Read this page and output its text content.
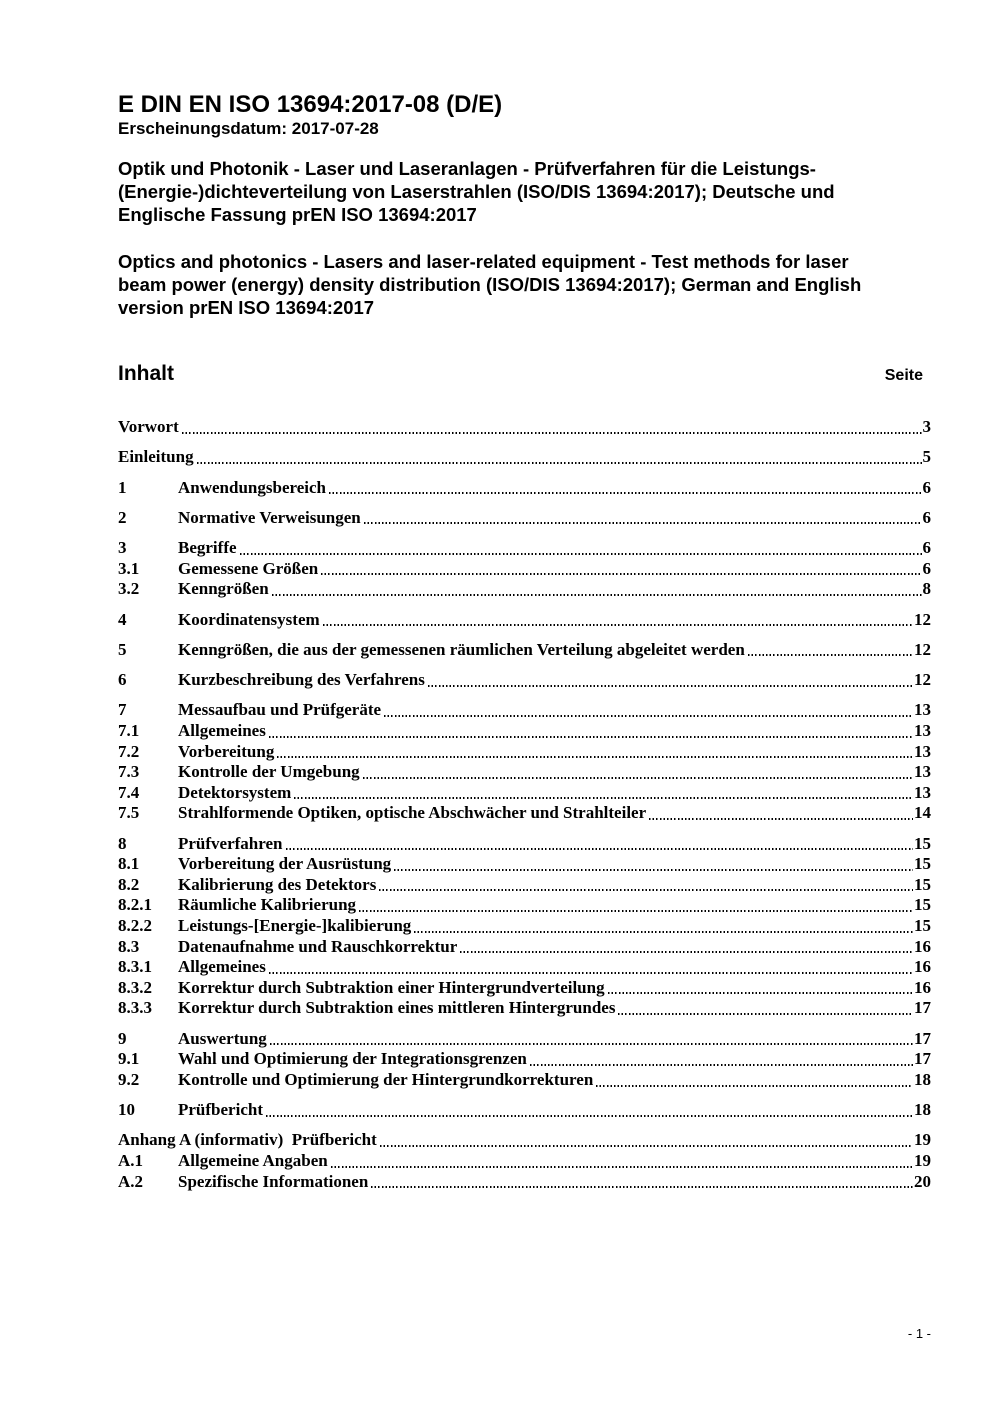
E DIN EN ISO 13694:2017-08 (D/E)
Erscheinungsdatum: 2017-07-28
Optik und Photonik - Laser und Laseranlagen - Prüfverfahren für die Leistungs-
(Energie-)dichteverteilung von Laserstrahlen (ISO/DIS 13694:2017); Deutsche und
Englische Fassung prEN ISO 13694:2017
Optics and photonics - Lasers and laser-related equipment - Test methods for laser
beam power (energy) density distribution (ISO/DIS 13694:2017); German and English
version prEN ISO 13694:2017
Inhalt	Seite
Vorwort	3
Einleitung	5
1	Anwendungsbereich	6
2	Normative Verweisungen	6
3	Begriffe	6
3.1	Gemessene Größen	6
3.2	Kenngrößen	8
4	Koordinatensystem	12
5	Kenngrößen, die aus der gemessenen räumlichen Verteilung abgeleitet werden	12
6	Kurzbeschreibung des Verfahrens	12
7	Messaufbau und Prüfgeräte	13
7.1	Allgemeines	13
7.2	Vorbereitung	13
7.3	Kontrolle der Umgebung	13
7.4	Detektorsystem	13
7.5	Strahlformende Optiken, optische Abschwächer und Strahlteiler	14
8	Prüfverfahren	15
8.1	Vorbereitung der Ausrüstung	15
8.2	Kalibrierung des Detektors	15
8.2.1	Räumliche Kalibrierung	15
8.2.2	Leistungs-[Energie-]kalibierung	15
8.3	Datenaufnahme und Rauschkorrektur	16
8.3.1	Allgemeines	16
8.3.2	Korrektur durch Subtraktion einer Hintergrundverteilung	16
8.3.3	Korrektur durch Subtraktion eines mittleren Hintergrundes	17
9	Auswertung	17
9.1	Wahl und Optimierung der Integrationsgrenzen	17
9.2	Kontrolle und Optimierung der Hintergrundkorrekturen	18
10	Prüfbericht	18
Anhang A (informativ)  Prüfbericht	19
A.1	Allgemeine Angaben	19
A.2	Spezifische Informationen	20
- 1 -
